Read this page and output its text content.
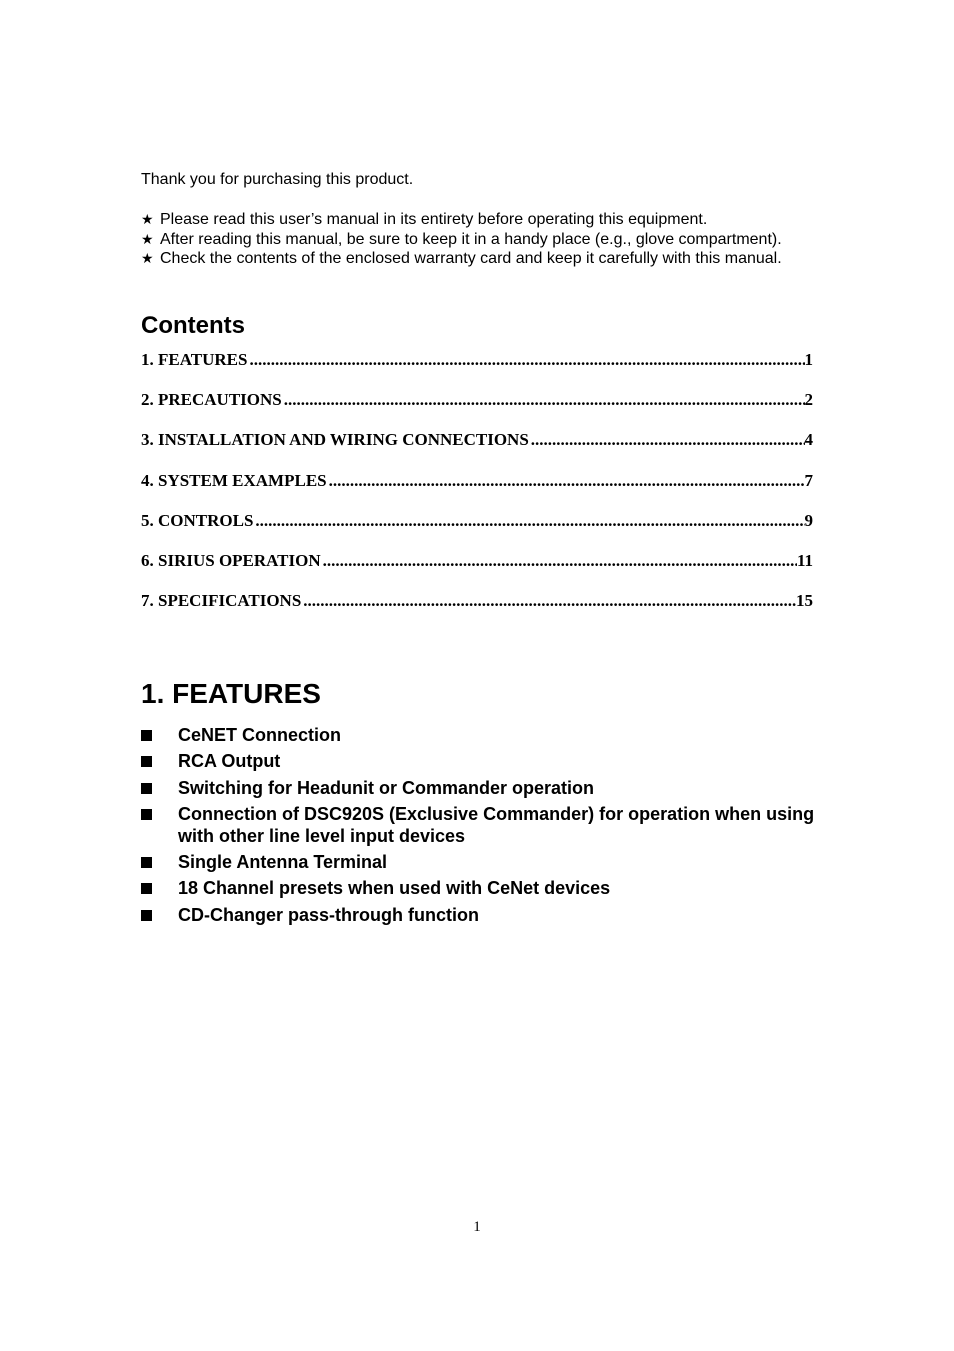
Thank you for purchasing this product.

★ Please read this user’s manual in its entirety before operating this equipment.
★ After reading this manual, be sure to keep it in a handy place (e.g., glove compartment).
★ Check the contents of the enclosed warranty card and keep it carefully with this manual.
Contents
1. FEATURES .....	1
2. PRECAUTIONS .....	2
3. INSTALLATION AND WIRING CONNECTIONS .....	4
4. SYSTEM EXAMPLES .....	7
5. CONTROLS .....	9
6. SIRIUS OPERATION .....	11
7. SPECIFICATIONS .....	15
1. FEATURES
CeNET Connection
RCA Output
Switching for Headunit or Commander operation
Connection of DSC920S (Exclusive Commander) for operation when using with other line level input devices
Single Antenna Terminal
18 Channel presets when used with CeNet devices
CD-Changer pass-through function
1
